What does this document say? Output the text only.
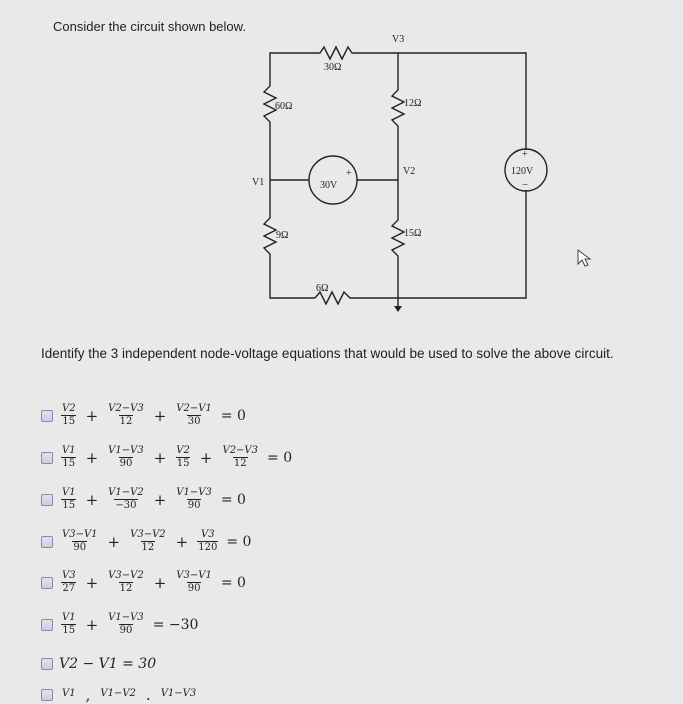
Consider the circuit shown below.
V3
V2
V1
30Ω
60Ω	12Ω
9Ω	15Ω
6Ω
30V
+	120V
+
−
Identify the 3 independent node-voltage equations that would be used to solve the above circuit.
$\frac{V2}{15} + \frac{V2-V3}{12} + \frac{V2-V1}{30} = 0$
$\frac{V1}{15} + \frac{V1-V3}{90} + \frac{V2}{15} + \frac{V2-V3}{12} = 0$
$\frac{V1}{15} + \frac{V1-V2}{-30} + \frac{V1-V3}{90} = 0$
$\frac{V3-V1}{90} + \frac{V3-V2}{12} + \frac{V3}{120} = 0$
$\frac{V3}{27} + \frac{V3-V2}{12} + \frac{V3-V1}{90} = 0$
$\frac{V1}{15} + \frac{V1-V3}{90} = -30$
V2 − V1 = 30
V1 , V1−V2 . V1−V3
